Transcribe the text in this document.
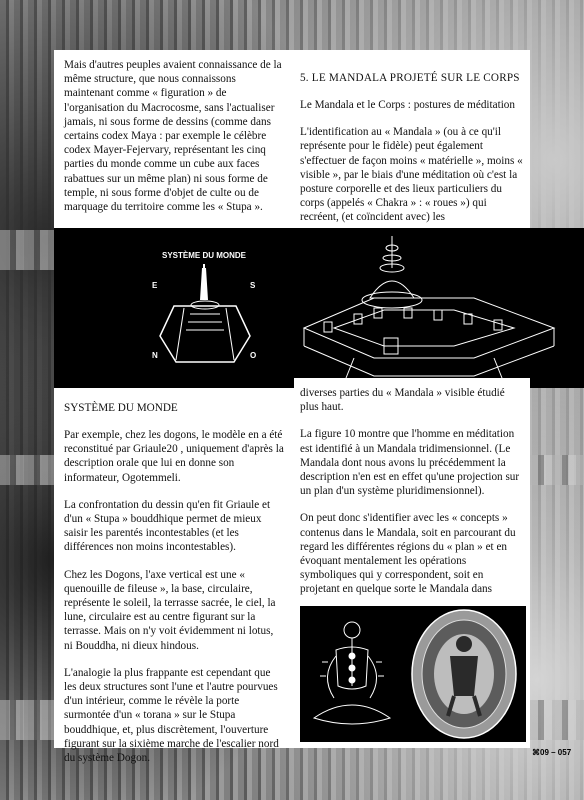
Mais d'autres peuples avaient connaissance de la même structure, que nous connaissons maintenant comme « figuration » de l'organisation du Macrocosme, sans l'actualiser jamais, ni sous forme de dessins (comme dans certains codex Maya : par exemple le célèbre codex Mayer-Fejervary, représentant les cinq parties du monde comme un cube aux faces rabattues sur un même plan) ni sous forme de temple, ni sous forme d'objet de culte ou de marquage du territoire comme les « Stupa ».

5. LE MANDALA PROJETÉ SUR LE CORPS

Le Mandala et le Corps : postures de méditation

L'identification au « Mandala » (ou à ce qu'il représente pour le fidèle) peut également s'effectuer de façon moins « matérielle », moins « visible », par le biais d'une méditation où c'est la posture corporelle et des lieux particuliers du corps (appelés « Chakra » : « roues ») qui recréent, (et coïncident avec) les

SYSTÈME DU MONDE
E	S
N	O
SYSTÈME DU MONDE

Par exemple, chez les dogons, le modèle en a été reconstitué par Griaule20 , uniquement d'après la description orale que lui en donne son informateur, Ogotemmeli.

La confrontation du dessin qu'en fit Griaule et d'un « Stupa » bouddhique permet de mieux saisir les parentés incontestables (et les différences non moins incontestables).

Chez les Dogons, l'axe vertical est une « quenouille de fileuse », la base, circulaire, représente le soleil, la terrasse sacrée, le ciel, la lune, circulaire est au centre figurant sur la terrasse. Mais on n'y voit évidemment ni lotus, ni Bouddha, ni dieux hindous.

L'analogie la plus frappante est cependant que les deux structures sont l'une et l'autre pourvues d'un intérieur, comme le révèle la porte surmontée d'un « torana » sur le Stupa bouddhique, et, plus discrètement, l'ouverture figurant sur la sixième marche de l'escalier nord du système Dogon.

diverses parties du « Mandala » visible étudié plus haut.

La figure 10 montre que l'homme en méditation est identifié à un Mandala tridimensionnel. (Le Mandala dont nous avons lu précédemment la description n'en est en effet qu'une projection sur un plan d'un système pluridimensionnel).

On peut donc s'identifier avec les « concepts » contenus dans le Mandala, soit en parcourant du regard les différentes régions du « plan » et en évoquant mentalement les opérations symboliques qui y correspondent, soit en projetant en quelque sorte le Mandala dans

⌘09 – 057
